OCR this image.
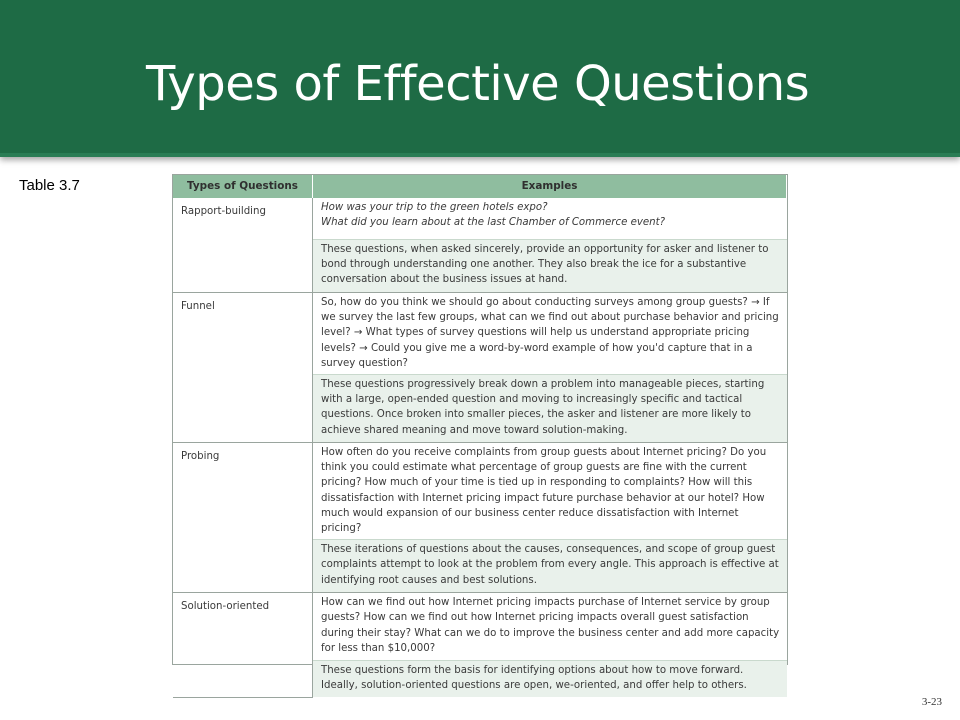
Types of Effective Questions
Table 3.7	Types of Questions	Examples
Rapport-building	How was your trip to the green hotels expo?
What did you learn about at the last Chamber of Commerce event?

	These questions, when asked sincerely, provide an opportunity for asker and listener to bond through understanding one another. They also break the ice for a substantive conversation about the business issues at hand.
Funnel	So, how do you think we should go about conducting surveys among group guests? → If we survey the last few groups, what can we find out about purchase behavior and pricing level? → What types of survey questions will help us understand appropriate pricing levels? → Could you give me a word-by-word example of how you'd capture that in a survey question?
	These questions progressively break down a problem into manageable pieces, starting with a large, open-ended question and moving to increasingly specific and tactical questions. Once broken into smaller pieces, the asker and listener are more likely to achieve shared meaning and move toward solution-making.
Probing	How often do you receive complaints from group guests about Internet pricing? Do you think you could estimate what percentage of group guests are fine with the current pricing? How much of your time is tied up in responding to complaints? How will this dissatisfaction with Internet pricing impact future purchase behavior at our hotel? How much would expansion of our business center reduce dissatisfaction with Internet pricing?
	These iterations of questions about the causes, consequences, and scope of group guest complaints attempt to look at the problem from every angle. This approach is effective at identifying root causes and best solutions.
Solution-oriented	How can we find out how Internet pricing impacts purchase of Internet service by group guests? How can we find out how Internet pricing impacts overall guest satisfaction during their stay? What can we do to improve the business center and add more capacity for less than $10,000?
	These questions form the basis for identifying options about how to move forward. Ideally, solution-oriented questions are open, we-oriented, and offer help to others.
3-23
